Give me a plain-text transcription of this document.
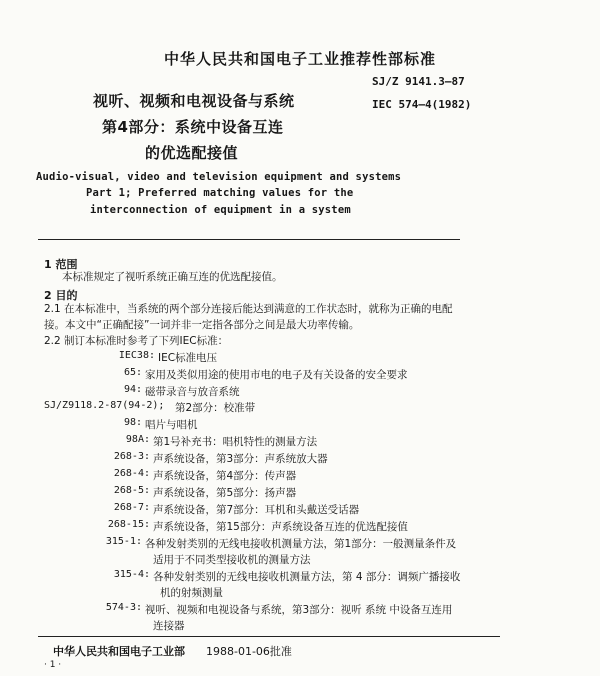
中华人民共和国电子工业推荐性部标准
SJ/Z 9141.3—87
IEC 574—4(1982)
视听、视频和电视设备与系统
第4部分：系统中设备互连
的优选配接值
Audio-visual, video and television equipment and systems
Part 1; Preferred matching values for the
interconnection of equipment in a system
1 范围
本标准规定了视听系统正确互连的优选配接值。
2 目的
2.1 在本标准中，当系统的两个部分连接后能达到满意的工作状态时，就称为正确的电配
接。本文中“正确配接”一词并非一定指各部分之间是最大功率传输。
2.2 制订本标准时参考了下列IEC标准：
IEC38: IEC标准电压
65: 家用及类似用途的使用市电的电子及有关设备的安全要求
94: 磁带录音与放音系统
SJ/Z9118.2-87(94-2); 第2部分：校准带
98: 唱片与唱机
98A: 第1号补充书：唱机特性的测量方法
268-3: 声系统设备，第3部分：声系统放大器
268-4: 声系统设备，第4部分：传声器
268-5: 声系统设备，第5部分：扬声器
268-7: 声系统设备，第7部分：耳机和头戴送受话器
268-15: 声系统设备，第15部分：声系统设备互连的优选配接值
315-1: 各种发射类别的无线电接收机测量方法，第1部分：一般测量条件及
适用于不同类型接收机的测量方法
315-4: 各种发射类别的无线电接收机测量方法，第 4 部分：调频广播接收
机的射频测量
574-3: 视听、视频和电视设备与系统，第3部分：视听 系统 中设备互连用
连接器
中华人民共和国电子工业部 1988-01-06批准
· 1 ·
